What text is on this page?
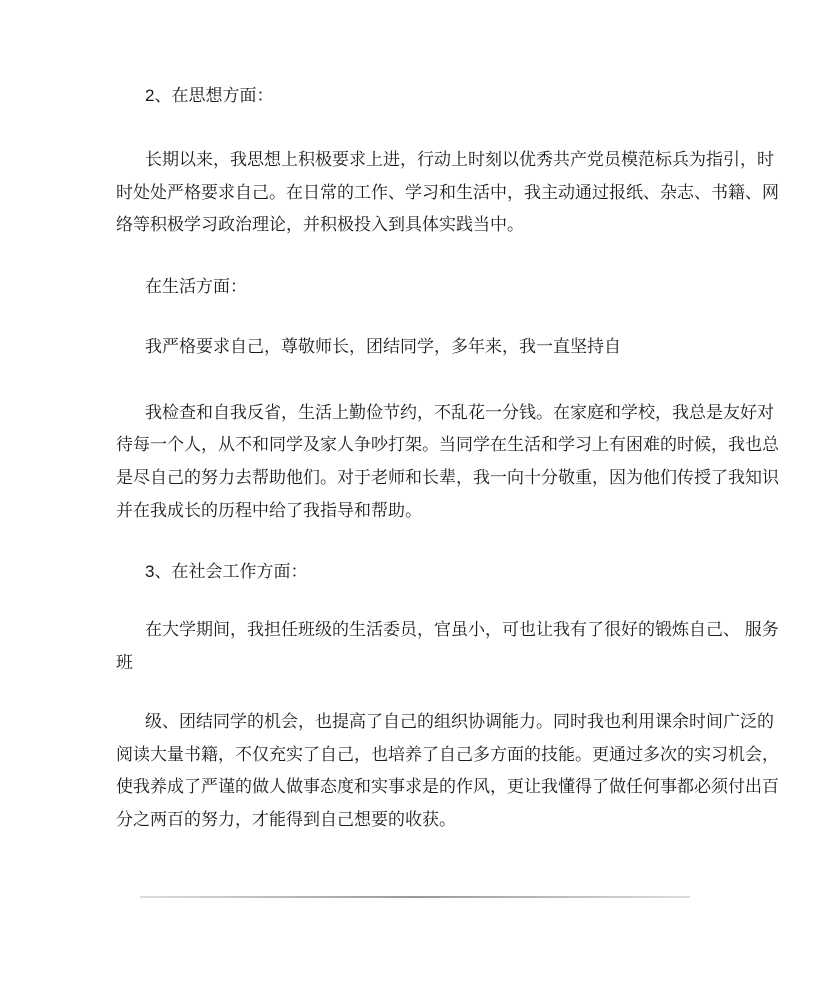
2、在思想方面：
长期以来，我思想上积极要求上进，行动上时刻以优秀共产党员模范标兵为指引，时
时处处严格要求自己。在日常的工作、学习和生活中，我主动通过报纸、杂志、书籍、网
络等积极学习政治理论，并积极投入到具体实践当中。
在生活方面：
我严格要求自己，尊敬师长，团结同学，多年来，我一直坚持自
我检查和自我反省，生活上勤俭节约，不乱花一分钱。在家庭和学校，我总是友好对
待每一个人，从不和同学及家人争吵打架。当同学在生活和学习上有困难的时候，我也总
是尽自己的努力去帮助他们。对于老师和长辈，我一向十分敬重，因为他们传授了我知识
并在我成长的历程中给了我指导和帮助。
3、在社会工作方面：
在大学期间，我担任班级的生活委员，官虽小，可也让我有了很好的锻炼自己、 服务
班
级、团结同学的机会，也提高了自己的组织协调能力。同时我也利用课余时间广泛的
阅读大量书籍，不仅充实了自己，也培养了自己多方面的技能。更通过多次的实习机会，
使我养成了严谨的做人做事态度和实事求是的作风，更让我懂得了做任何事都必须付出百
分之两百的努力，才能得到自己想要的收获。
